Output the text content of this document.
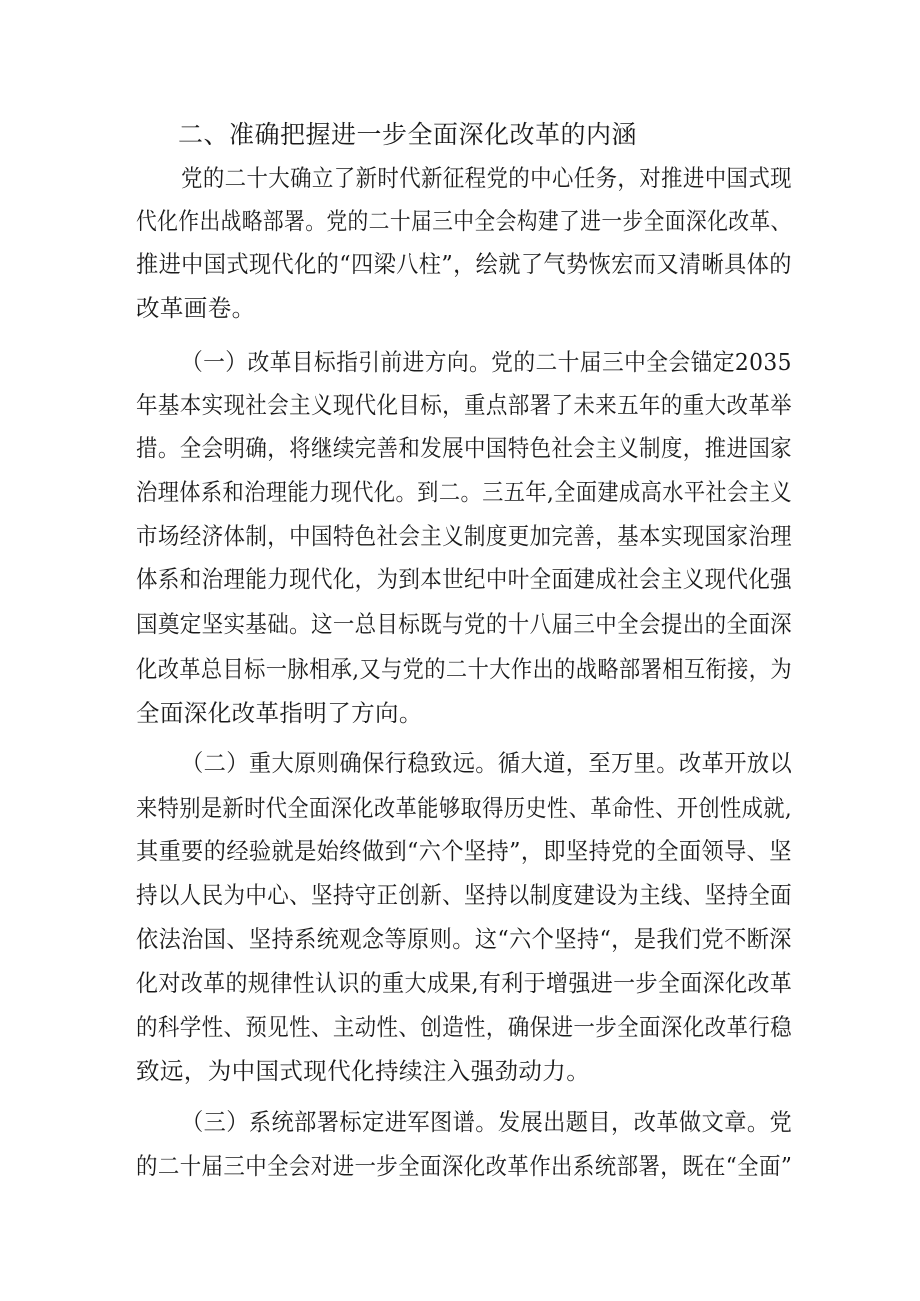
二、准确把握进一步全面深化改革的内涵
党的二十大确立了新时代新征程党的中心任务，对推进中国式现
代化作出战略部署。党的二十届三中全会构建了进一步全面深化改革、
推进中国式现代化的“四梁八柱”，绘就了气势恢宏而又清晰具体的
改革画卷。
（一）改革目标指引前进方向。党的二十届三中全会锚定2035
年基本实现社会主义现代化目标，重点部署了未来五年的重大改革举
措。全会明确，将继续完善和发展中国特色社会主义制度，推进国家
治理体系和治理能力现代化。到二。三五年,全面建成高水平社会主义
市场经济体制，中国特色社会主义制度更加完善，基本实现国家治理
体系和治理能力现代化，为到本世纪中叶全面建成社会主义现代化强
国奠定坚实基础。这一总目标既与党的十八届三中全会提出的全面深
化改革总目标一脉相承,又与党的二十大作出的战略部署相互衔接，为
全面深化改革指明了方向。
（二）重大原则确保行稳致远。循大道，至万里。改革开放以
来特别是新时代全面深化改革能够取得历史性、革命性、开创性成就,
其重要的经验就是始终做到“六个坚持”，即坚持党的全面领导、坚
持以人民为中心、坚持守正创新、坚持以制度建设为主线、坚持全面
依法治国、坚持系统观念等原则。这“六个坚持“，是我们党不断深
化对改革的规律性认识的重大成果,有利于增强进一步全面深化改革
的科学性、预见性、主动性、创造性，确保进一步全面深化改革行稳
致远，为中国式现代化持续注入强劲动力。
（三）系统部署标定进军图谱。发展出题目，改革做文章。党
的二十届三中全会对进一步全面深化改革作出系统部署，既在“全面”
